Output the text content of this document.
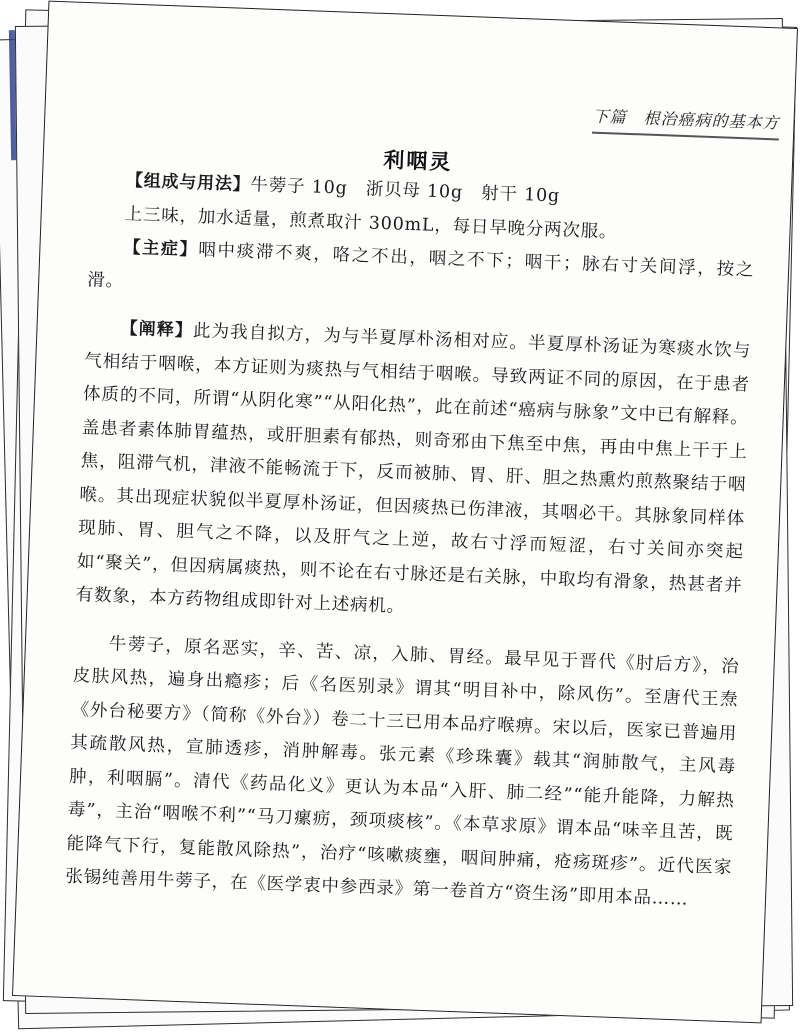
下篇　根治癌病的基本方
利咽灵

【组成与用法】牛蒡子 10g　浙贝母 10g　射干 10g

上三味，加水适量，煎煮取汁 300mL，每日早晚分两次服。

【主症】咽中痰滞不爽，咯之不出，咽之不下；咽干；脉右寸关间浮，按之滑。

【阐释】此为我自拟方，为与半夏厚朴汤相对应。半夏厚朴汤证为寒痰水饮与气相结于咽喉，本方证则为痰热与气相结于咽喉。导致两证不同的原因，在于患者体质的不同，所谓“从阴化寒”“从阳化热”，此在前述“癌病与脉象”文中已有解释。盖患者素体肺胃蕴热，或肝胆素有郁热，则奇邪由下焦至中焦，再由中焦上干于上焦，阻滞气机，津液不能畅流于下，反而被肺、胃、肝、胆之热熏灼煎熬聚结于咽喉。其出现症状貌似半夏厚朴汤证，但因痰热已伤津液，其咽必干。其脉象同样体现肺、胃、胆气之不降，以及肝气之上逆，故右寸浮而短涩，右寸关间亦突起如“聚关”，但因病属痰热，则不论在右寸脉还是右关脉，中取均有滑象，热甚者并有数象，本方药物组成即针对上述病机。

牛蒡子，原名恶实，辛、苦、凉，入肺、胃经。最早见于晋代《肘后方》，治皮肤风热，遍身出瘾疹；后《名医别录》谓其“明目补中，除风伤”。至唐代王焘《外台秘要方》（简称《外台》）卷二十三已用本品疗喉痹。宋以后，医家已普遍用其疏散风热，宣肺透疹，消肿解毒。张元素《珍珠囊》载其“润肺散气，主风毒肿，利咽膈”。清代《药品化义》更认为本品“入肝、肺二经”“能升能降，力解热毒”，主治“咽喉不利”“马刀瘰疬，颈项痰核”。《本草求原》谓本品“味辛且苦，既能降气下行，复能散风除热”，治疗“咳嗽痰壅，咽间肿痛，疮疡斑疹”。近代医家张锡纯善用牛蒡子，在《医学衷中参西录》第一卷首方“资生汤”即用本品……
